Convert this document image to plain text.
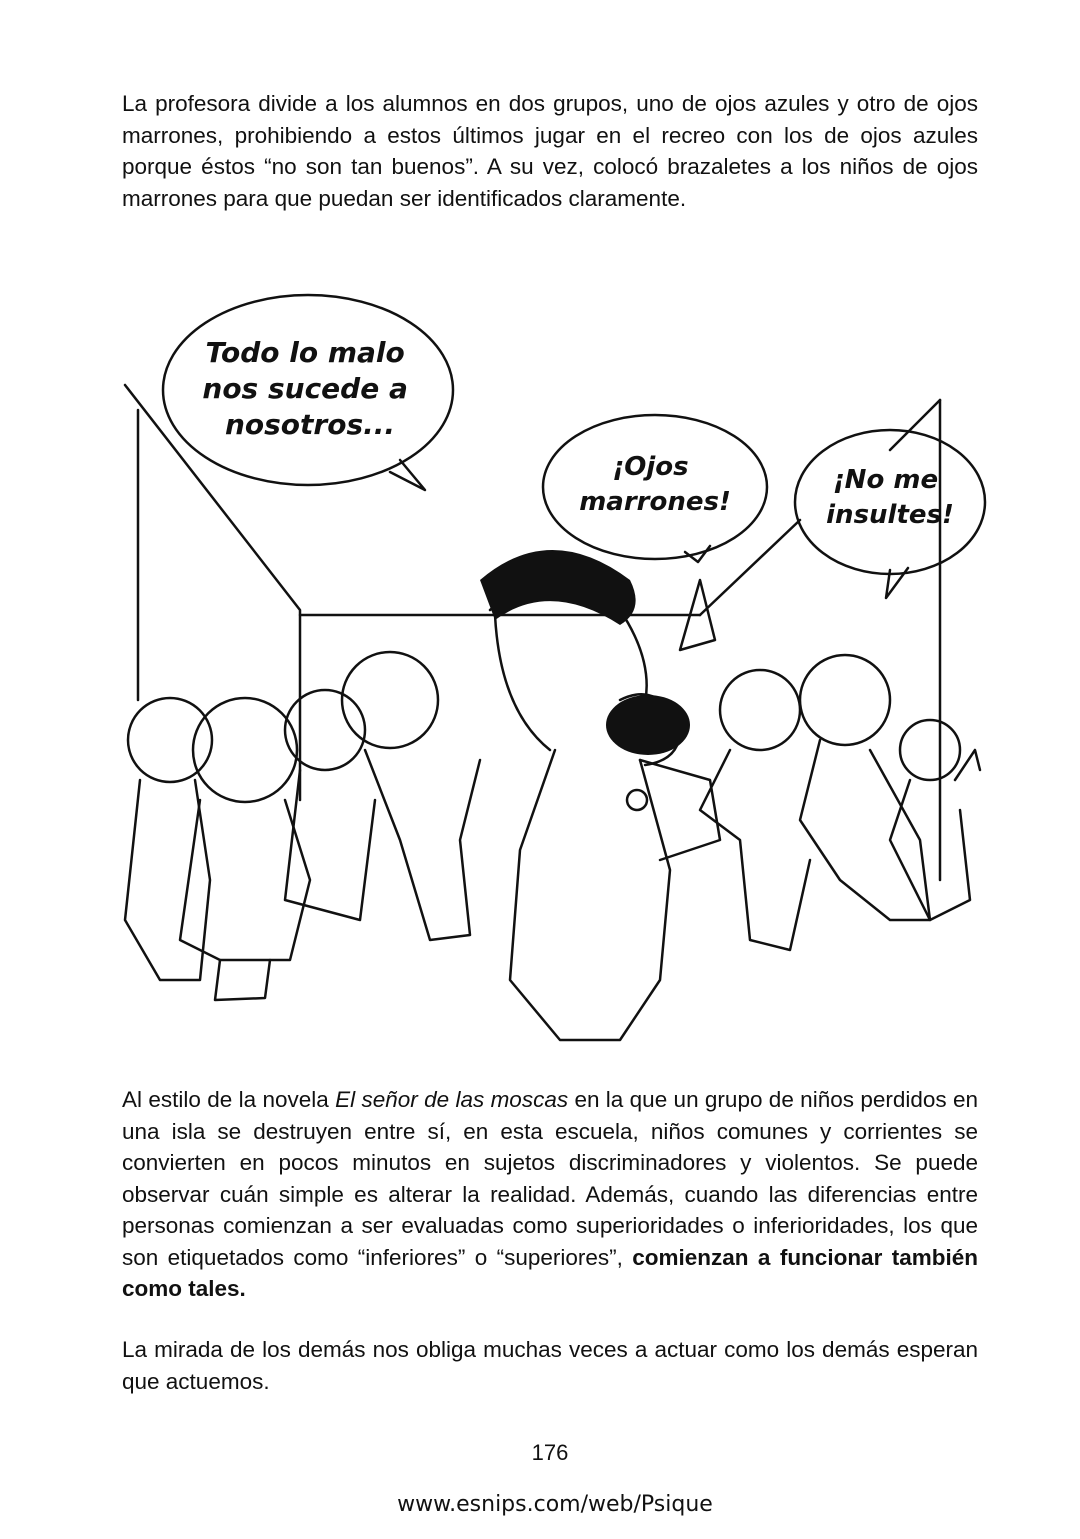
La profesora divide a los alumnos en dos grupos, uno de ojos azules y otro de ojos marrones, prohibiendo a estos últimos jugar en el recreo con los de ojos azules porque éstos “no son tan buenos”. A su vez, colocó brazaletes a los niños de ojos marrones para que puedan ser identificados claramente.

Todo lo malo nos sucede a nosotros...
¡Ojos marrones!
¡No me insultes!

Al estilo de la novela El señor de las moscas en la que un grupo de niños perdidos en una isla se destruyen entre sí, en esta escuela, niños comunes y corrientes se convierten en pocos minutos en sujetos discriminadores y violentos. Se puede observar cuán simple es alterar la realidad. Además, cuando las diferencias entre personas comienzan a ser evaluadas como superioridades o inferioridades, los que son etiquetados como “inferiores” o “superiores”, comienzan a funcionar también como tales.

La mirada de los demás nos obliga muchas veces a actuar como los demás esperan que actuemos.

176

www.esnips.com/web/Psique
